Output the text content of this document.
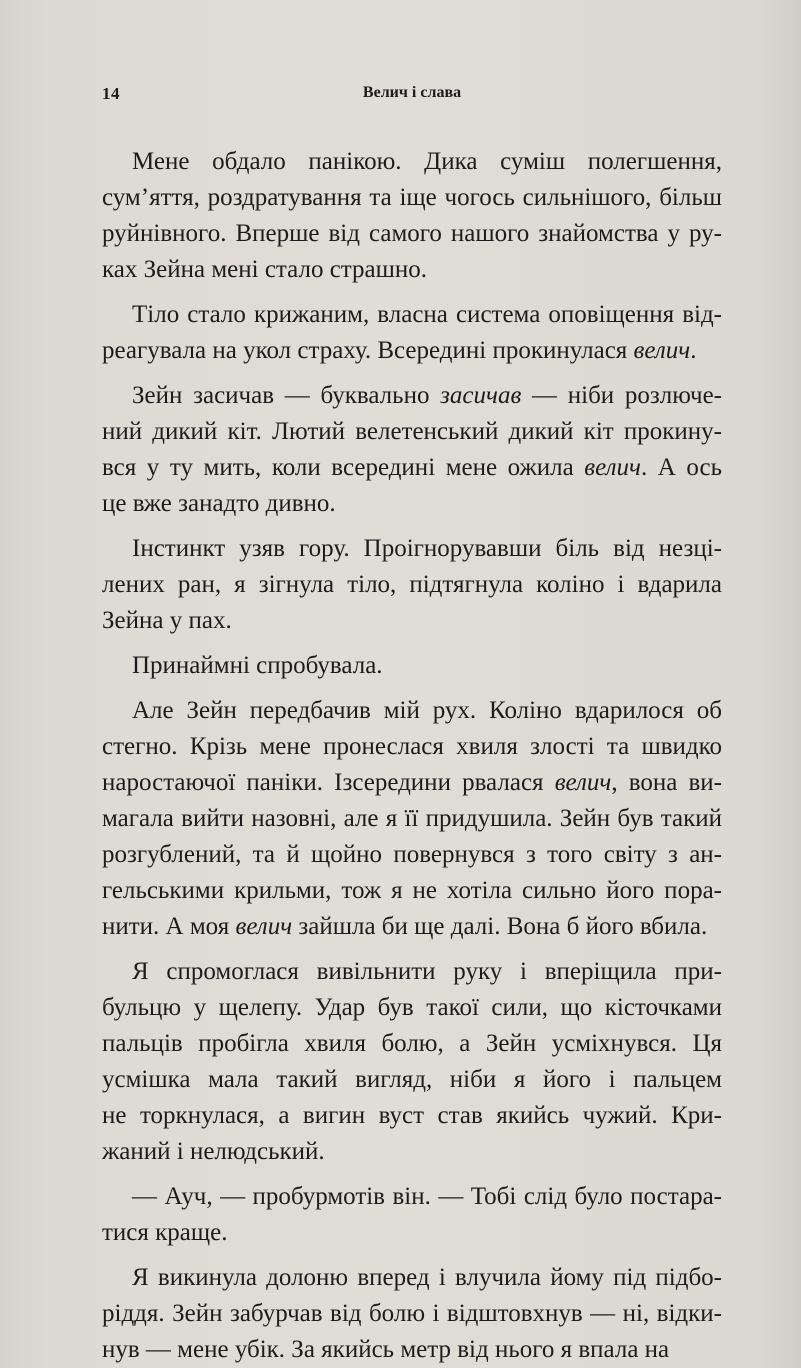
14	Велич і слава
Мене обдало панікою. Дика суміш полегшення,
сум’яття, роздратування та іще чогось сильнішого, більш
руйнівного. Вперше від самого нашого знайомства у ру-
ках Зейна мені стало страшно.
Тіло стало крижаним, власна система оповіщення від-
реагувала на укол страху. Всередині прокинулася велич.
Зейн засичав — буквально засичав — ніби розлюче-
ний дикий кіт. Лютий велетенський дикий кіт прокину-
вся у ту мить, коли всередині мене ожила велич. А ось
це вже занадто дивно.
Інстинкт узяв гору. Проігнорувавши біль від незці-
лених ран, я зігнула тіло, підтягнула коліно і вдарила
Зейна у пах.
Принаймні спробувала.
Але Зейн передбачив мій рух. Коліно вдарилося об
стегно. Крізь мене пронеслася хвиля злості та швидко
наростаючої паніки. Ізсередини рвалася велич, вона ви-
магала вийти назовні, але я її придушила. Зейн був такий
розгублений, та й щойно повернувся з того світу з ан-
гельськими крильми, тож я не хотіла сильно його пора-
нити. А моя велич зайшла би ще далі. Вона б його вбила.
Я спромоглася вивільнити руку і вперіщила при-
бульцю у щелепу. Удар був такої сили, що кісточками
пальців пробігла хвиля болю, а Зейн усміхнувся. Ця
усмішка мала такий вигляд, ніби я його і пальцем
не торкнулася, а вигин вуст став якийсь чужий. Кри-
жаний і нелюдський.
— Ауч, — пробурмотів він. — Тобі слід було постара-
тися краще.
Я викинула долоню вперед і влучила йому під підбо-
ріддя. Зейн забурчав від болю і відштовхнув — ні, відки-
нув — мене убік. За якийсь метр від нього я впала на
